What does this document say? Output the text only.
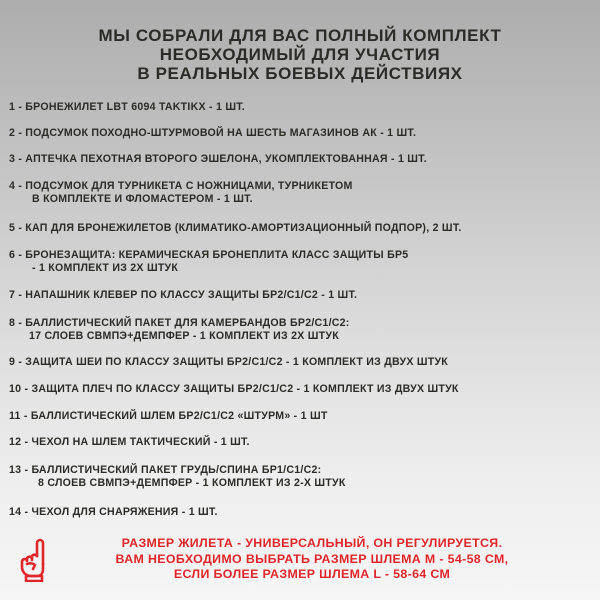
МЫ СОБРАЛИ ДЛЯ ВАС ПОЛНЫЙ КОМПЛЕКТ
НЕОБХОДИМЫЙ ДЛЯ УЧАСТИЯ
В РЕАЛЬНЫХ БОЕВЫХ ДЕЙСТВИЯХ
1 - БРОНЕЖИЛЕТ LBT 6094 TAKTIKX - 1 ШТ.
2 - ПОДСУМОК ПОХОДНО-ШТУРМОВОЙ НА ШЕСТЬ МАГАЗИНОВ АК - 1 ШТ.
3 - АПТЕЧКА ПЕХОТНАЯ ВТОРОГО ЭШЕЛОНА, УКОМПЛЕКТОВАННАЯ - 1 ШТ.
4 - ПОДСУМОК ДЛЯ ТУРНИКЕТА С НОЖНИЦАМИ, ТУРНИКЕТОМ
В КОМПЛЕКТЕ И ФЛОМАСТЕРОМ - 1 ШТ.
5 - КАП ДЛЯ БРОНЕЖИЛЕТОВ (КЛИМАТИКО-АМОРТИЗАЦИОННЫЙ ПОДПОР), 2 ШТ.
6 - БРОНЕЗАЩИТА: КЕРАМИЧЕСКАЯ БРОНЕПЛИТА КЛАСС ЗАЩИТЫ БР5
- 1 КОМПЛЕКТ ИЗ 2Х ШТУК
7 - НАПАШНИК КЛЕВЕР ПО КЛАССУ ЗАЩИТЫ БР2/С1/С2 - 1 ШТ.
8 - БАЛЛИСТИЧЕСКИЙ ПАКЕТ ДЛЯ КАМЕРБАНДОВ БР2/С1/С2:
17 СЛОЕВ СВМПЭ+ДЕМПФЕР - 1 КОМПЛЕКТ ИЗ 2Х ШТУК
9 - ЗАЩИТА ШЕИ ПО КЛАССУ ЗАЩИТЫ БР2/С1/С2 - 1 КОМПЛЕКТ ИЗ ДВУХ ШТУК
10 - ЗАЩИТА ПЛЕЧ ПО КЛАССУ ЗАЩИТЫ БР2/С1/С2 - 1 КОМПЛЕКТ ИЗ ДВУХ ШТУК
11 - БАЛЛИСТИЧЕСКИЙ ШЛЕМ БР2/С1/С2 «ШТУРМ» - 1 ШТ
12 - ЧЕХОЛ НА ШЛЕМ ТАКТИЧЕСКИЙ - 1 ШТ.
13 - БАЛЛИСТИЧЕСКИЙ ПАКЕТ ГРУДЬ/СПИНА БР1/С1/С2:
8 СЛОЕВ СВМПЭ+ДЕМПФЕР - 1 КОМПЛЕКТ ИЗ 2-Х ШТУК
14 - ЧЕХОЛ ДЛЯ СНАРЯЖЕНИЯ - 1 ШТ.
РАЗМЕР ЖИЛЕТА - УНИВЕРСАЛЬНЫЙ, ОН РЕГУЛИРУЕТСЯ.
ВАМ НЕОБХОДИМО ВЫБРАТЬ РАЗМЕР ШЛЕМА M - 54-58 СМ,
ЕСЛИ БОЛЕЕ РАЗМЕР ШЛЕМА L - 58-64 СМ
